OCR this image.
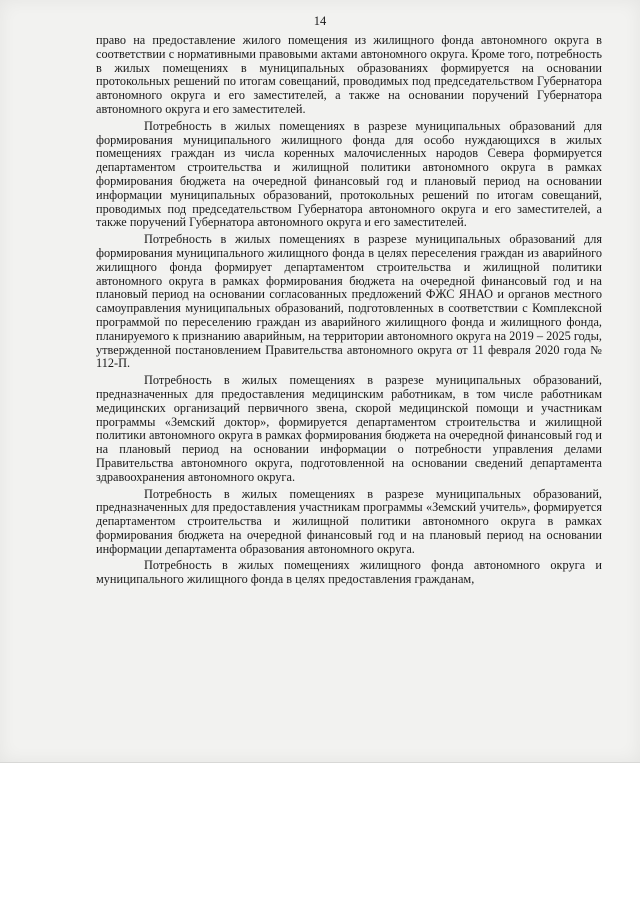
14

право на предоставление жилого помещения из жилищного фонда автономного округа в соответствии с нормативными правовыми актами автономного округа. Кроме того, потребность в жилых помещениях в муниципальных образованиях формируется на основании протокольных решений по итогам совещаний, проводимых под председательством Губернатора автономного округа и его заместителей, а также на основании поручений Губернатора автономного округа и его заместителей.

Потребность в жилых помещениях в разрезе муниципальных образований для формирования муниципального жилищного фонда для особо нуждающихся в жилых помещениях граждан из числа коренных малочисленных народов Севера формируется департаментом строительства и жилищной политики автономного округа в рамках формирования бюджета на очередной финансовый год и плановый период на основании информации муниципальных образований, протокольных решений по итогам совещаний, проводимых под председательством Губернатора автономного округа и его заместителей, а также поручений Губернатора автономного округа и его заместителей.

Потребность в жилых помещениях в разрезе муниципальных образований для формирования муниципального жилищного фонда в целях переселения граждан из аварийного жилищного фонда формирует департаментом строительства и жилищной политики автономного округа в рамках формирования бюджета на очередной финансовый год и на плановый период на основании согласованных предложений ФЖС ЯНАО и органов местного самоуправления муниципальных образований, подготовленных в соответствии с Комплексной программой по переселению граждан из аварийного жилищного фонда и жилищного фонда, планируемого к признанию аварийным, на территории автономного округа на 2019 – 2025 годы, утвержденной постановлением Правительства автономного округа от 11 февраля 2020 года № 112-П.

Потребность в жилых помещениях в разрезе муниципальных образований, предназначенных для предоставления медицинским работникам, в том числе работникам медицинских организаций первичного звена, скорой медицинской помощи и участникам программы «Земский доктор», формируется департаментом строительства и жилищной политики автономного округа в рамках формирования бюджета на очередной финансовый год и на плановый период на основании информации о потребности управления делами Правительства автономного округа, подготовленной на основании сведений департамента здравоохранения автономного округа.

Потребность в жилых помещениях в разрезе муниципальных образований, предназначенных для предоставления участникам программы «Земский учитель», формируется департаментом строительства и жилищной политики автономного округа в рамках формирования бюджета на очередной финансовый год и на плановый период на основании информации департамента образования автономного округа.

Потребность в жилых помещениях жилищного фонда автономного округа и муниципального жилищного фонда в целях предоставления гражданам,
